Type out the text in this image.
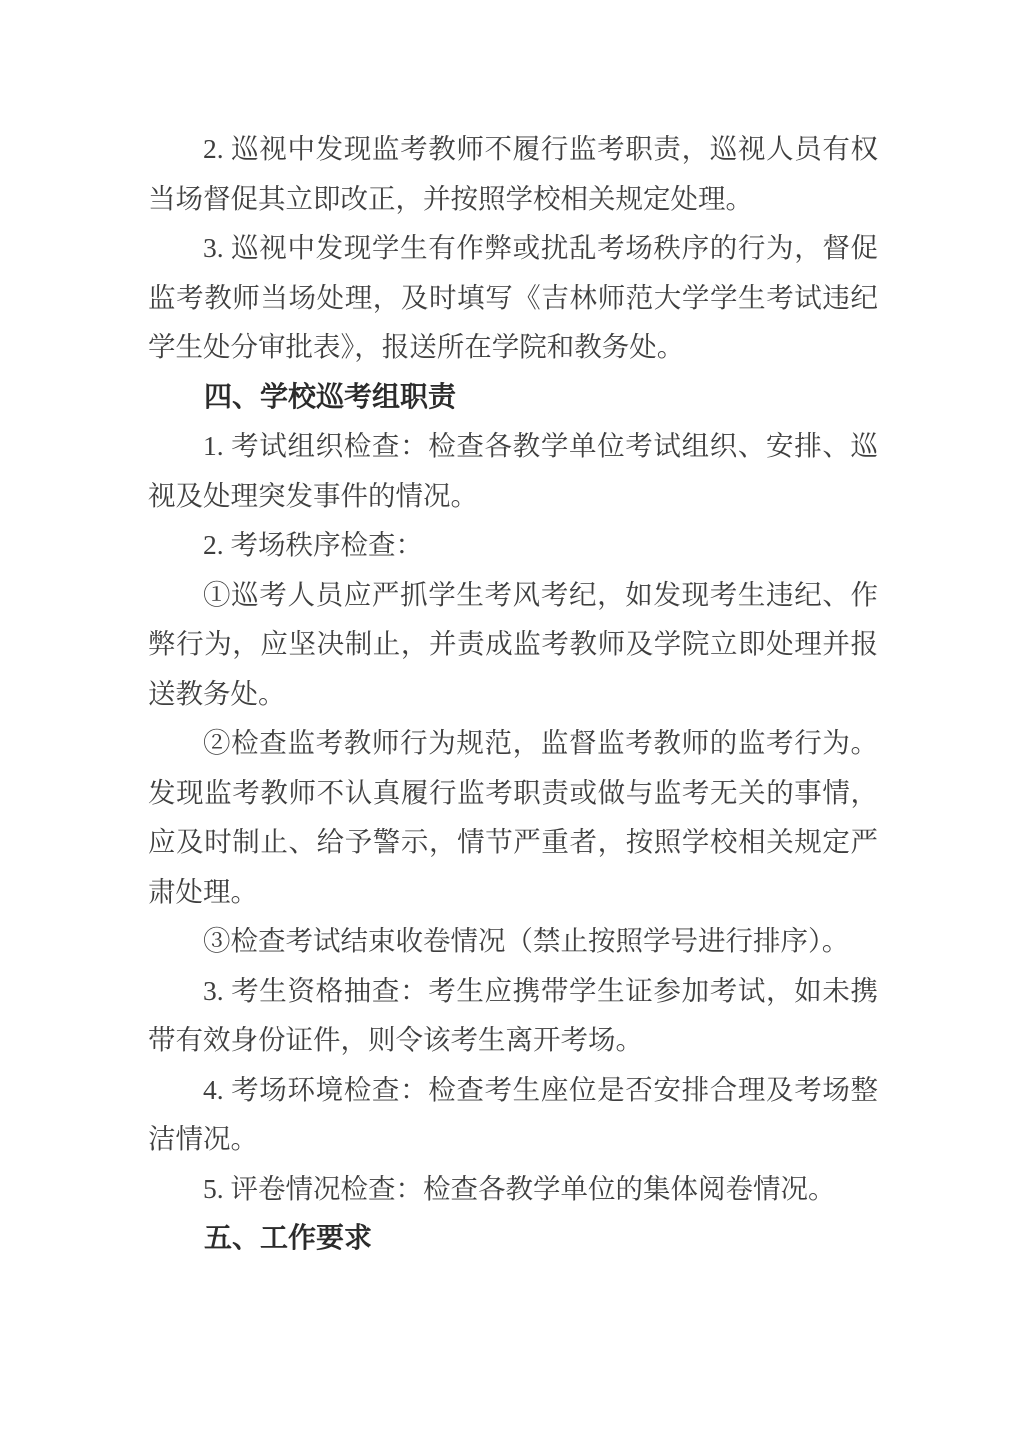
2. 巡视中发现监考教师不履行监考职责，巡视人员有权当场督促其立即改正，并按照学校相关规定处理。

3. 巡视中发现学生有作弊或扰乱考场秩序的行为，督促监考教师当场处理，及时填写《吉林师范大学学生考试违纪学生处分审批表》，报送所在学院和教务处。

四、学校巡考组职责

1. 考试组织检查：检查各教学单位考试组织、安排、巡视及处理突发事件的情况。

2. 考场秩序检查：

①巡考人员应严抓学生考风考纪，如发现考生违纪、作弊行为，应坚决制止，并责成监考教师及学院立即处理并报送教务处。

②检查监考教师行为规范，监督监考教师的监考行为。发现监考教师不认真履行监考职责或做与监考无关的事情，应及时制止、给予警示，情节严重者，按照学校相关规定严肃处理。

③检查考试结束收卷情况（禁止按照学号进行排序）。

3. 考生资格抽查：考生应携带学生证参加考试，如未携带有效身份证件，则令该考生离开考场。

4. 考场环境检查：检查考生座位是否安排合理及考场整洁情况。

5. 评卷情况检查：检查各教学单位的集体阅卷情况。

五、工作要求
